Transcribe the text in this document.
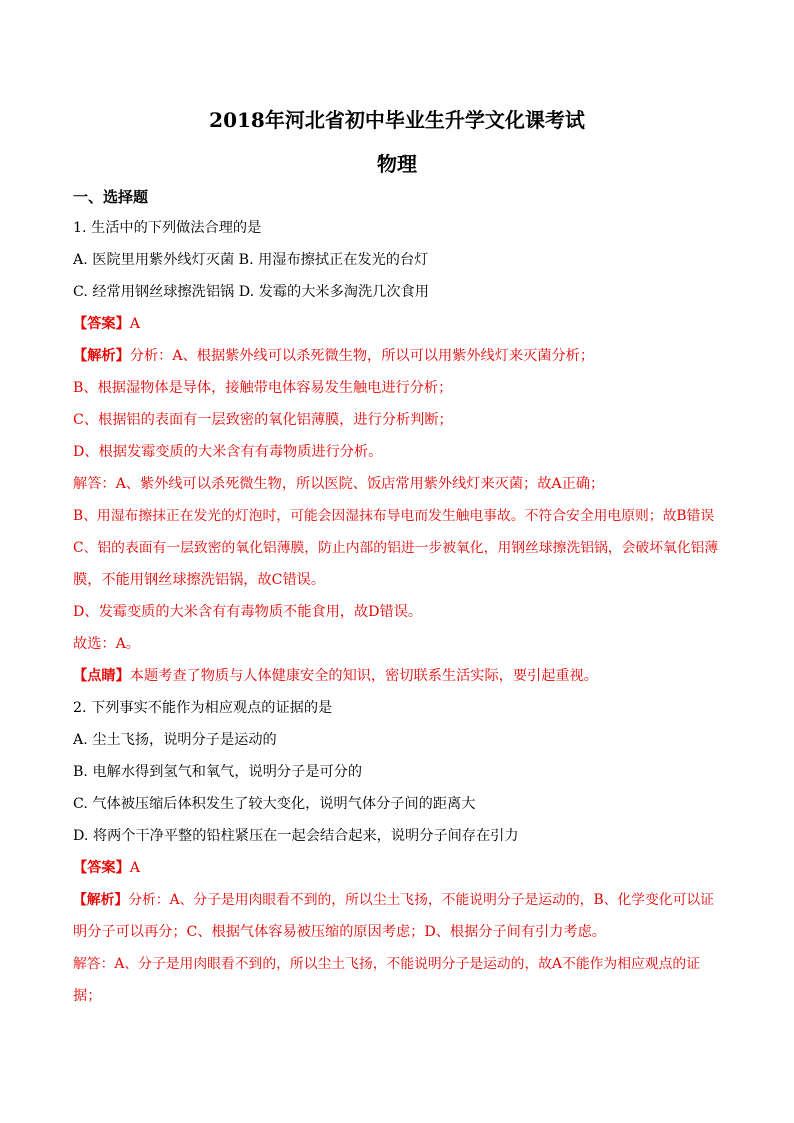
2018年河北省初中毕业生升学文化课考试
物理
一、选择题
1. 生活中的下列做法合理的是
A. 医院里用紫外线灯灭菌 B. 用湿布擦拭正在发光的台灯
C. 经常用钢丝球擦洗铝锅 D. 发霉的大米多淘洗几次食用
【答案】A
【解析】分析：A、根据紫外线可以杀死微生物，所以可以用紫外线灯来灭菌分析；
B、根据湿物体是导体，接触带电体容易发生触电进行分析；
C、根据铝的表面有一层致密的氧化铝薄膜，进行分析判断；
D、根据发霉变质的大米含有有毒物质进行分析。
解答：A、紫外线可以杀死微生物，所以医院、饭店常用紫外线灯来灭菌；故A正确；
B、用湿布擦抹正在发光的灯泡时，可能会因湿抹布导电而发生触电事故。不符合安全用电原则；故B错误
C、铝的表面有一层致密的氧化铝薄膜，防止内部的铝进一步被氧化，用钢丝球擦洗铝锅，会破坏氧化铝薄
膜，不能用钢丝球擦洗铝锅，故C错误。
D、发霉变质的大米含有有毒物质不能食用，故D错误。
故选：A。
【点睛】本题考查了物质与人体健康安全的知识，密切联系生活实际，要引起重视。
2. 下列事实不能作为相应观点的证据的是
A. 尘土飞扬，说明分子是运动的
B. 电解水得到氢气和氧气，说明分子是可分的
C. 气体被压缩后体积发生了较大变化，说明气体分子间的距离大
D. 将两个干净平整的铅柱紧压在一起会结合起来，说明分子间存在引力
【答案】A
【解析】分析：A、分子是用肉眼看不到的，所以尘土飞扬，不能说明分子是运动的，B、化学变化可以证
明分子可以再分；C、根据气体容易被压缩的原因考虑；D、根据分子间有引力考虑。
解答：A、分子是用肉眼看不到的，所以尘土飞扬，不能说明分子是运动的，故A不能作为相应观点的证
据；
